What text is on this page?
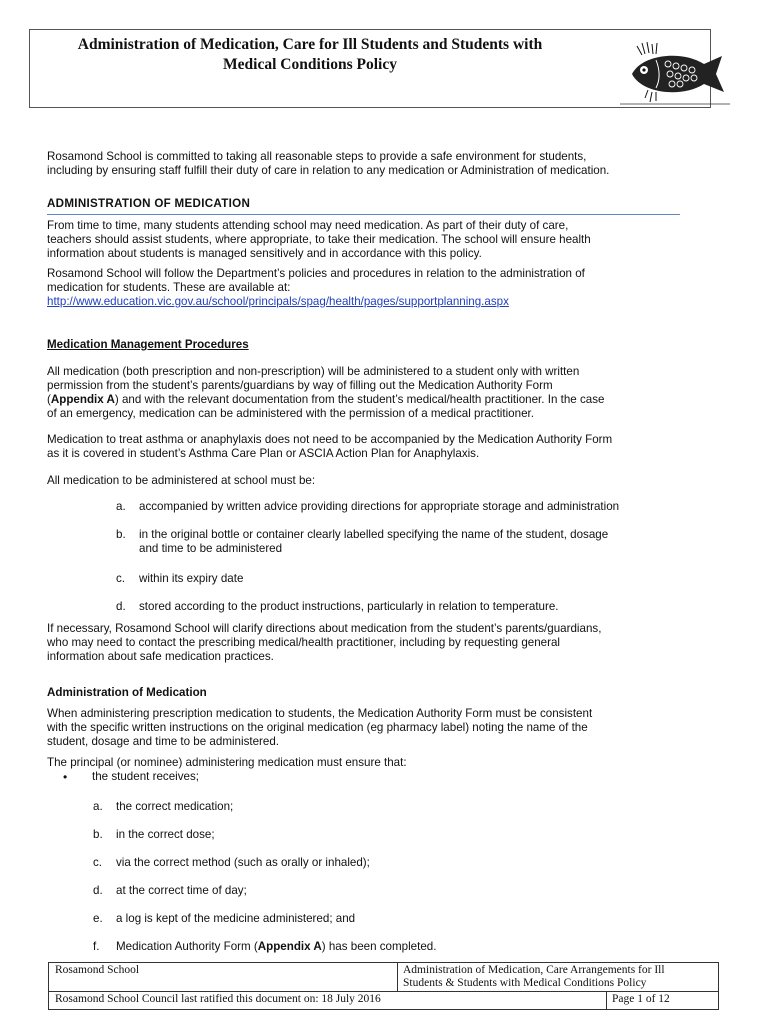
Administration of Medication, Care for Ill Students and Students with
Medical Conditions Policy
Rosamond School is committed to taking all reasonable steps to provide a safe environment for students,
including by ensuring staff fulfill their duty of care in relation to any medication or Administration of medication.
ADMINISTRATION OF MEDICATION
From time to time, many students attending school may need medication. As part of their duty of care,
teachers should assist students, where appropriate, to take their medication. The school will ensure health
information about students is managed sensitively and in accordance with this policy.
Rosamond School will follow the Department’s policies and procedures in relation to the administration of
medication for students. These are available at:
http://www.education.vic.gov.au/school/principals/spag/health/pages/supportplanning.aspx
Medication Management Procedures
All medication (both prescription and non-prescription) will be administered to a student only with written
permission from the student’s parents/guardians by way of filling out the Medication Authority Form
(Appendix A) and with the relevant documentation from the student’s medical/health practitioner. In the case
of an emergency, medication can be administered with the permission of a medical practitioner.
Medication to treat asthma or anaphylaxis does not need to be accompanied by the Medication Authority Form
as it is covered in student’s Asthma Care Plan or ASCIA Action Plan for Anaphylaxis.
All medication to be administered at school must be:
a.	accompanied by written advice providing directions for appropriate storage and administration
b.	in the original bottle or container clearly labelled specifying the name of the student, dosage
and time to be administered
c.	within its expiry date
d.	stored according to the product instructions, particularly in relation to temperature.
If necessary, Rosamond School will clarify directions about medication from the student’s parents/guardians,
who may need to contact the prescribing medical/health practitioner, including by requesting general
information about safe medication practices.
Administration of Medication
When administering prescription medication to students, the Medication Authority Form must be consistent
with the specific written instructions on the original medication (eg pharmacy label) noting the name of the
student, dosage and time to be administered.
The principal (or nominee) administering medication must ensure that:
• the student receives;
a.	the correct medication;
b.	in the correct dose;
c.	via the correct method (such as orally or inhaled);
d.	at the correct time of day;
e.	a log is kept of the medicine administered; and
f.	Medication Authority Form (Appendix A) has been completed.
Rosamond School	Administration of Medication, Care Arrangements for Ill
Students & Students with Medical Conditions Policy
Rosamond School Council last ratified this document on: 18 July 2016	Page 1 of 12
